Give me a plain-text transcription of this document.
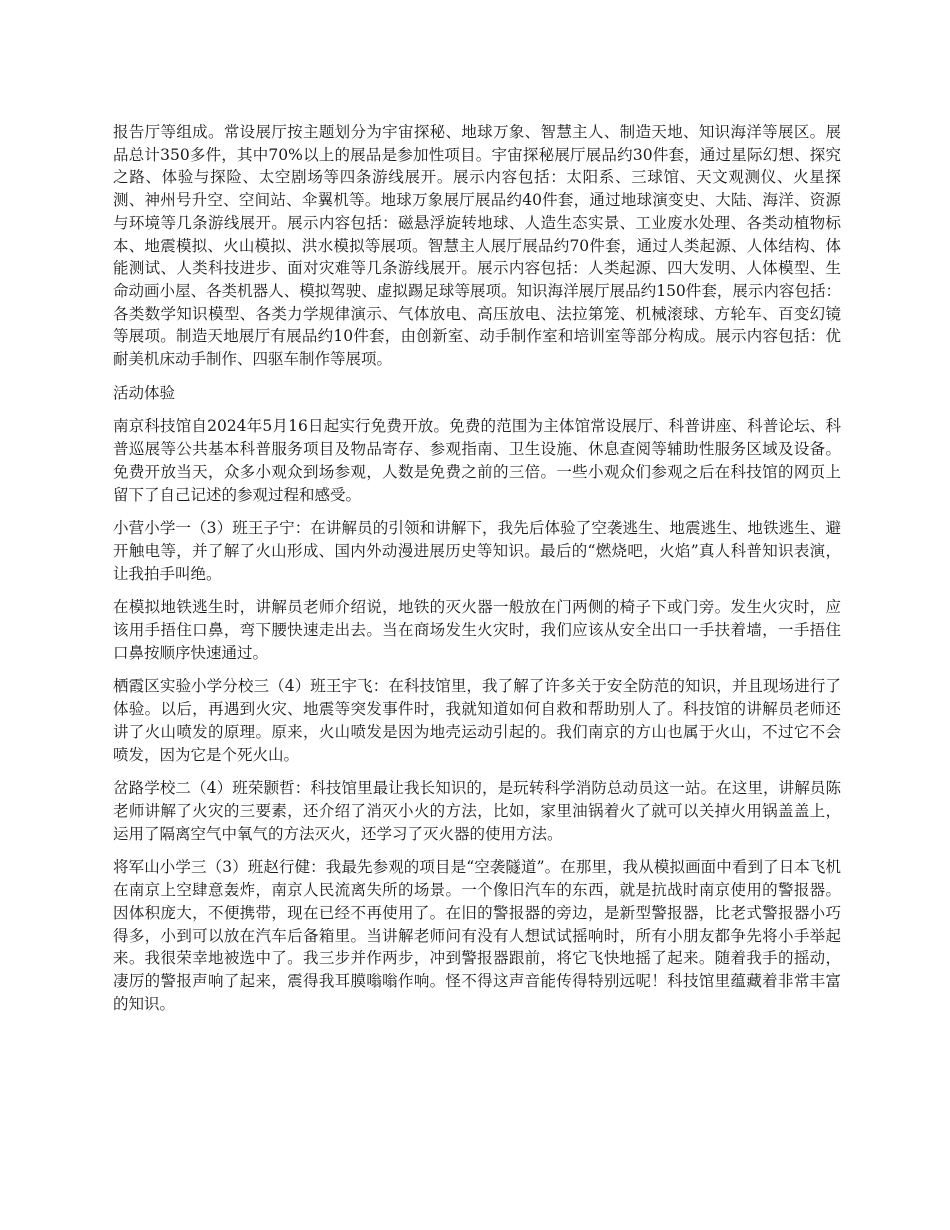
报告厅等组成。常设展厅按主题划分为宇宙探秘、地球万象、智慧主人、制造天地、知识海洋等展区。展品总计350多件，其中70%以上的展品是参加性项目。宇宙探秘展厅展品约30件套，通过星际幻想、探究之路、体验与探险、太空剧场等四条游线展开。展示内容包括：太阳系、三球馆、天文观测仪、火星探测、神州号升空、空间站、伞翼机等。地球万象展厅展品约40件套，通过地球演变史、大陆、海洋、资源与环境等几条游线展开。展示内容包括：磁悬浮旋转地球、人造生态实景、工业废水处理、各类动植物标本、地震模拟、火山模拟、洪水模拟等展项。智慧主人展厅展品约70件套，通过人类起源、人体结构、体能测试、人类科技进步、面对灾难等几条游线展开。展示内容包括：人类起源、四大发明、人体模型、生命动画小屋、各类机器人、模拟驾驶、虚拟踢足球等展项。知识海洋展厅展品约150件套，展示内容包括：各类数学知识模型、各类力学规律演示、气体放电、高压放电、法拉第笼、机械滚球、方轮车、百变幻镜等展项。制造天地展厅有展品约10件套，由创新室、动手制作室和培训室等部分构成。展示内容包括：优耐美机床动手制作、四驱车制作等展项。

活动体验

南京科技馆自2024年5月16日起实行免费开放。免费的范围为主体馆常设展厅、科普讲座、科普论坛、科普巡展等公共基本科普服务项目及物品寄存、参观指南、卫生设施、休息查阅等辅助性服务区域及设备。免费开放当天，众多小观众到场参观，人数是免费之前的三倍。一些小观众们参观之后在科技馆的网页上留下了自己记述的参观过程和感受。

小营小学一（3）班王子宁：在讲解员的引领和讲解下，我先后体验了空袭逃生、地震逃生、地铁逃生、避开触电等，并了解了火山形成、国内外动漫进展历史等知识。最后的“燃烧吧，火焰”真人科普知识表演，让我拍手叫绝。

在模拟地铁逃生时，讲解员老师介绍说，地铁的灭火器一般放在门两侧的椅子下或门旁。发生火灾时，应该用手捂住口鼻，弯下腰快速走出去。当在商场发生火灾时，我们应该从安全出口一手扶着墙，一手捂住口鼻按顺序快速通过。

栖霞区实验小学分校三（4）班王宇飞：在科技馆里，我了解了许多关于安全防范的知识，并且现场进行了体验。以后，再遇到火灾、地震等突发事件时，我就知道如何自救和帮助别人了。科技馆的讲解员老师还讲了火山喷发的原理。原来，火山喷发是因为地壳运动引起的。我们南京的方山也属于火山，不过它不会喷发，因为它是个死火山。

岔路学校二（4）班荣颢哲：科技馆里最让我长知识的，是玩转科学消防总动员这一站。在这里，讲解员陈老师讲解了火灾的三要素，还介绍了消灭小火的方法，比如，家里油锅着火了就可以关掉火用锅盖盖上，运用了隔离空气中氧气的方法灭火，还学习了灭火器的使用方法。

将军山小学三（3）班赵行健：我最先参观的项目是“空袭隧道”。在那里，我从模拟画面中看到了日本飞机在南京上空肆意轰炸，南京人民流离失所的场景。一个像旧汽车的东西，就是抗战时南京使用的警报器。因体积庞大，不便携带，现在已经不再使用了。在旧的警报器的旁边，是新型警报器，比老式警报器小巧得多，小到可以放在汽车后备箱里。当讲解老师问有没有人想试试摇响时，所有小朋友都争先将小手举起来。我很荣幸地被选中了。我三步并作两步，冲到警报器跟前，将它飞快地摇了起来。随着我手的摇动，凄厉的警报声响了起来，震得我耳膜嗡嗡作响。怪不得这声音能传得特别远呢！科技馆里蕴藏着非常丰富的知识。
